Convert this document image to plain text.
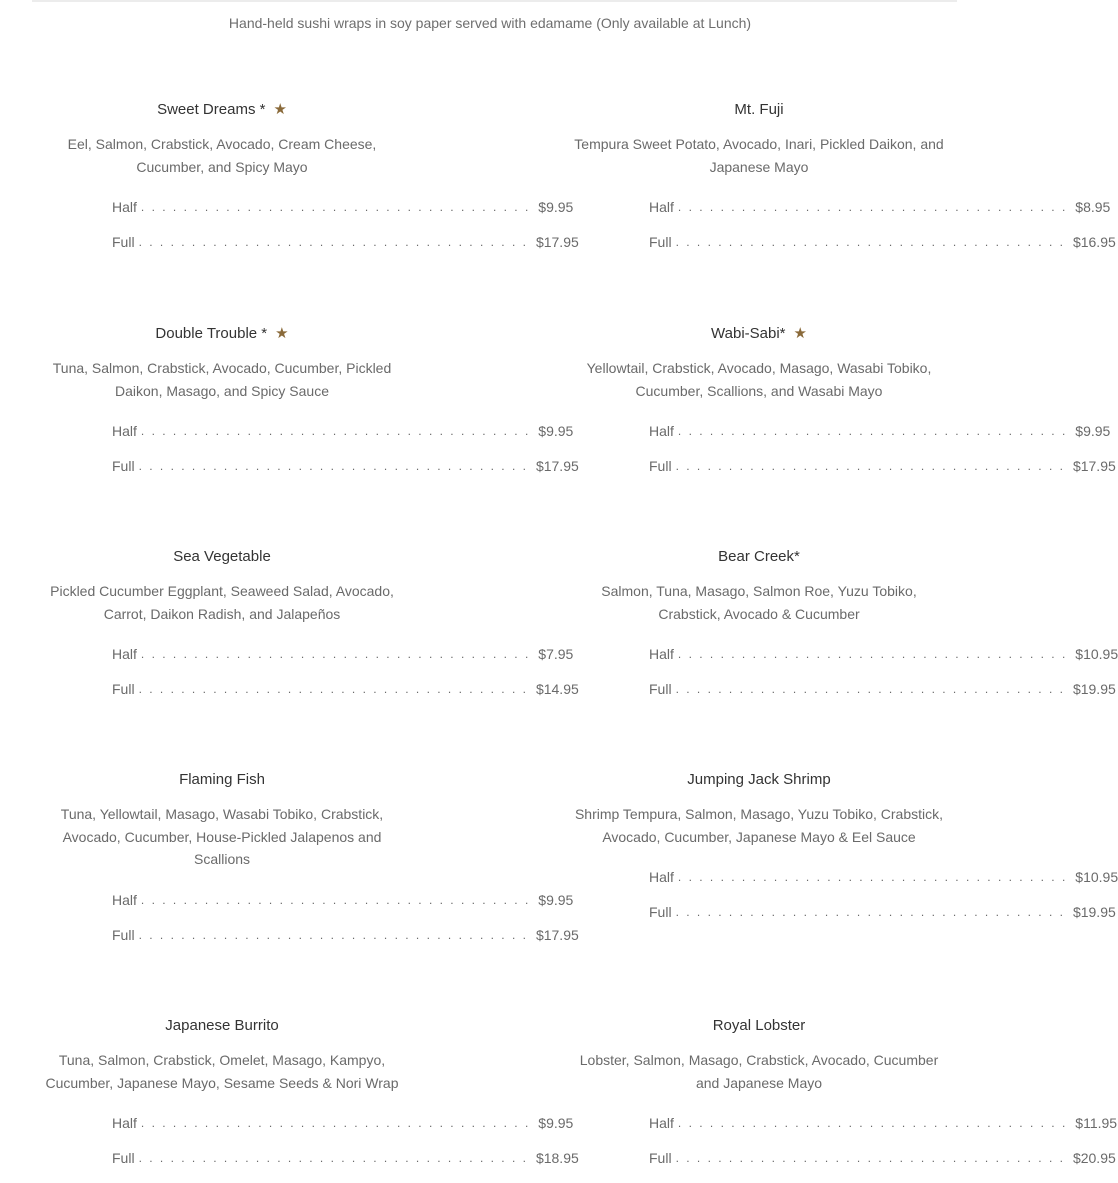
Hand-held sushi wraps in soy paper served with edamame (Only available at Lunch)
Sweet Dreams * ★
Eel, Salmon, Crabstick, Avocado, Cream Cheese, Cucumber, and Spicy Mayo
Half . . . . . . . . . . . . . . . . . . . . . . . . . . . . . . . . . . . . . $9.95
Full . . . . . . . . . . . . . . . . . . . . . . . . . . . . . . . . . . . . . $17.95
Mt. Fuji
Tempura Sweet Potato, Avocado, Inari, Pickled Daikon, and Japanese Mayo
Half . . . . . . . . . . . . . . . . . . . . . . . . . . . . . . . . . . . . . $8.95
Full . . . . . . . . . . . . . . . . . . . . . . . . . . . . . . . . . . . . . $16.95
Double Trouble * ★
Tuna, Salmon, Crabstick, Avocado, Cucumber, Pickled Daikon, Masago, and Spicy Sauce
Half . . . . . . . . . . . . . . . . . . . . . . . . . . . . . . . . . . . . . $9.95
Full . . . . . . . . . . . . . . . . . . . . . . . . . . . . . . . . . . . . . $17.95
Wabi-Sabi* ★
Yellowtail, Crabstick, Avocado, Masago, Wasabi Tobiko, Cucumber, Scallions, and Wasabi Mayo
Half . . . . . . . . . . . . . . . . . . . . . . . . . . . . . . . . . . . . . $9.95
Full . . . . . . . . . . . . . . . . . . . . . . . . . . . . . . . . . . . . . $17.95
Sea Vegetable
Pickled Cucumber Eggplant, Seaweed Salad, Avocado, Carrot, Daikon Radish, and Jalapeños
Half . . . . . . . . . . . . . . . . . . . . . . . . . . . . . . . . . . . . . $7.95
Full . . . . . . . . . . . . . . . . . . . . . . . . . . . . . . . . . . . . . $14.95
Bear Creek*
Salmon, Tuna, Masago, Salmon Roe, Yuzu Tobiko, Crabstick, Avocado & Cucumber
Half . . . . . . . . . . . . . . . . . . . . . . . . . . . . . . . . . . . . . $10.95
Full . . . . . . . . . . . . . . . . . . . . . . . . . . . . . . . . . . . . . $19.95
Flaming Fish
Tuna, Yellowtail, Masago, Wasabi Tobiko, Crabstick, Avocado, Cucumber, House-Pickled Jalapenos and Scallions
Half . . . . . . . . . . . . . . . . . . . . . . . . . . . . . . . . . . . . . $9.95
Full . . . . . . . . . . . . . . . . . . . . . . . . . . . . . . . . . . . . . $17.95
Jumping Jack Shrimp
Shrimp Tempura, Salmon, Masago, Yuzu Tobiko, Crabstick, Avocado, Cucumber, Japanese Mayo & Eel Sauce
Half . . . . . . . . . . . . . . . . . . . . . . . . . . . . . . . . . . . . . $10.95
Full . . . . . . . . . . . . . . . . . . . . . . . . . . . . . . . . . . . . . $19.95
Japanese Burrito
Tuna, Salmon, Crabstick, Omelet, Masago, Kampyo, Cucumber, Japanese Mayo, Sesame Seeds & Nori Wrap
Half . . . . . . . . . . . . . . . . . . . . . . . . . . . . . . . . . . . . . $9.95
Full . . . . . . . . . . . . . . . . . . . . . . . . . . . . . . . . . . . . . $18.95
Royal Lobster
Lobster, Salmon, Masago, Crabstick, Avocado, Cucumber and Japanese Mayo
Half . . . . . . . . . . . . . . . . . . . . . . . . . . . . . . . . . . . . . $11.95
Full . . . . . . . . . . . . . . . . . . . . . . . . . . . . . . . . . . . . . $20.95
